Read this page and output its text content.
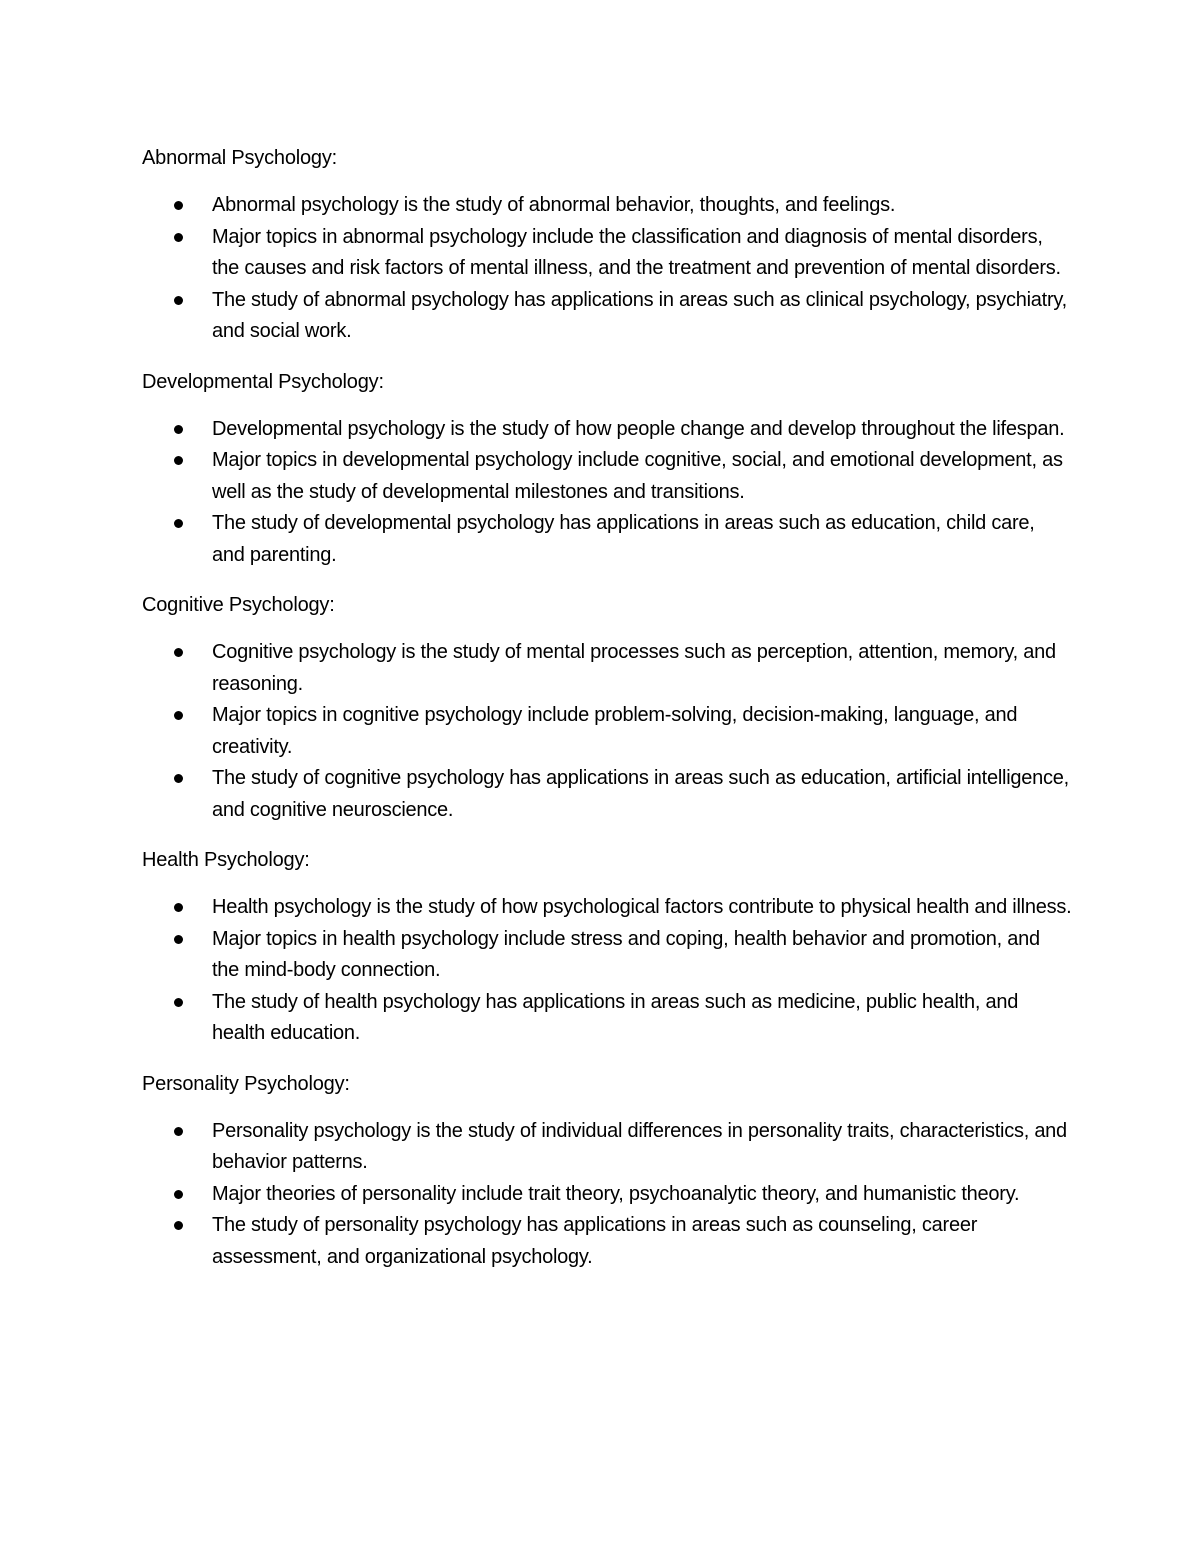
Abnormal Psychology:
Abnormal psychology is the study of abnormal behavior, thoughts, and feelings.
Major topics in abnormal psychology include the classification and diagnosis of mental disorders, the causes and risk factors of mental illness, and the treatment and prevention of mental disorders.
The study of abnormal psychology has applications in areas such as clinical psychology, psychiatry, and social work.
Developmental Psychology:
Developmental psychology is the study of how people change and develop throughout the lifespan.
Major topics in developmental psychology include cognitive, social, and emotional development, as well as the study of developmental milestones and transitions.
The study of developmental psychology has applications in areas such as education, child care, and parenting.
Cognitive Psychology:
Cognitive psychology is the study of mental processes such as perception, attention, memory, and reasoning.
Major topics in cognitive psychology include problem-solving, decision-making, language, and creativity.
The study of cognitive psychology has applications in areas such as education, artificial intelligence, and cognitive neuroscience.
Health Psychology:
Health psychology is the study of how psychological factors contribute to physical health and illness.
Major topics in health psychology include stress and coping, health behavior and promotion, and the mind-body connection.
The study of health psychology has applications in areas such as medicine, public health, and health education.
Personality Psychology:
Personality psychology is the study of individual differences in personality traits, characteristics, and behavior patterns.
Major theories of personality include trait theory, psychoanalytic theory, and humanistic theory.
The study of personality psychology has applications in areas such as counseling, career assessment, and organizational psychology.
